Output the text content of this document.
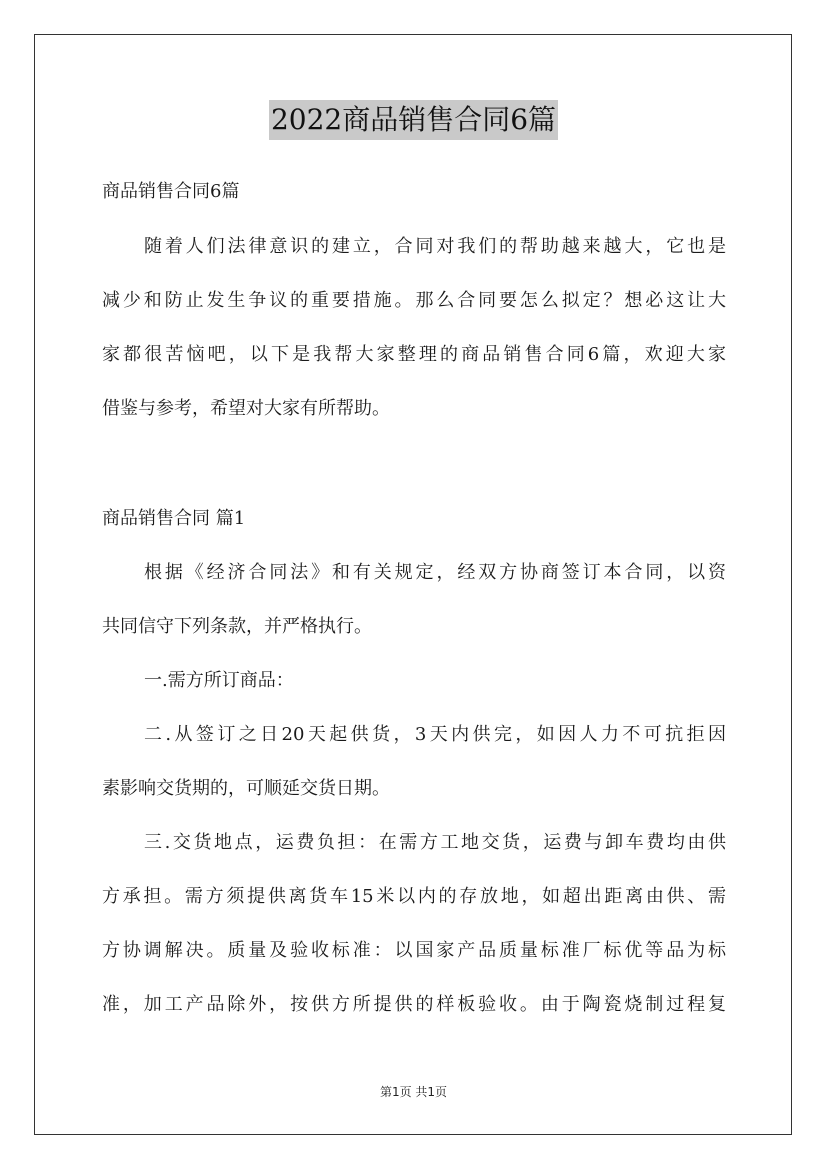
2022商品销售合同6篇
商品销售合同6篇
随着人们法律意识的建立，合同对我们的帮助越来越大，它也是
减少和防止发生争议的重要措施。那么合同要怎么拟定？想必这让大
家都很苦恼吧，以下是我帮大家整理的商品销售合同6篇，欢迎大家
借鉴与参考，希望对大家有所帮助。
商品销售合同 篇1
根据《经济合同法》和有关规定，经双方协商签订本合同，以资
共同信守下列条款，并严格执行。
一.需方所订商品：
二.从签订之日20天起供货，3天内供完，如因人力不可抗拒因
素影响交货期的，可顺延交货日期。
三.交货地点，运费负担：在需方工地交货，运费与卸车费均由供
方承担。需方须提供离货车15米以内的存放地，如超出距离由供、需
方协调解决。质量及验收标准：以国家产品质量标准厂标优等品为标
准，加工产品除外，按供方所提供的样板验收。由于陶瓷烧制过程复
第1页 共1页
